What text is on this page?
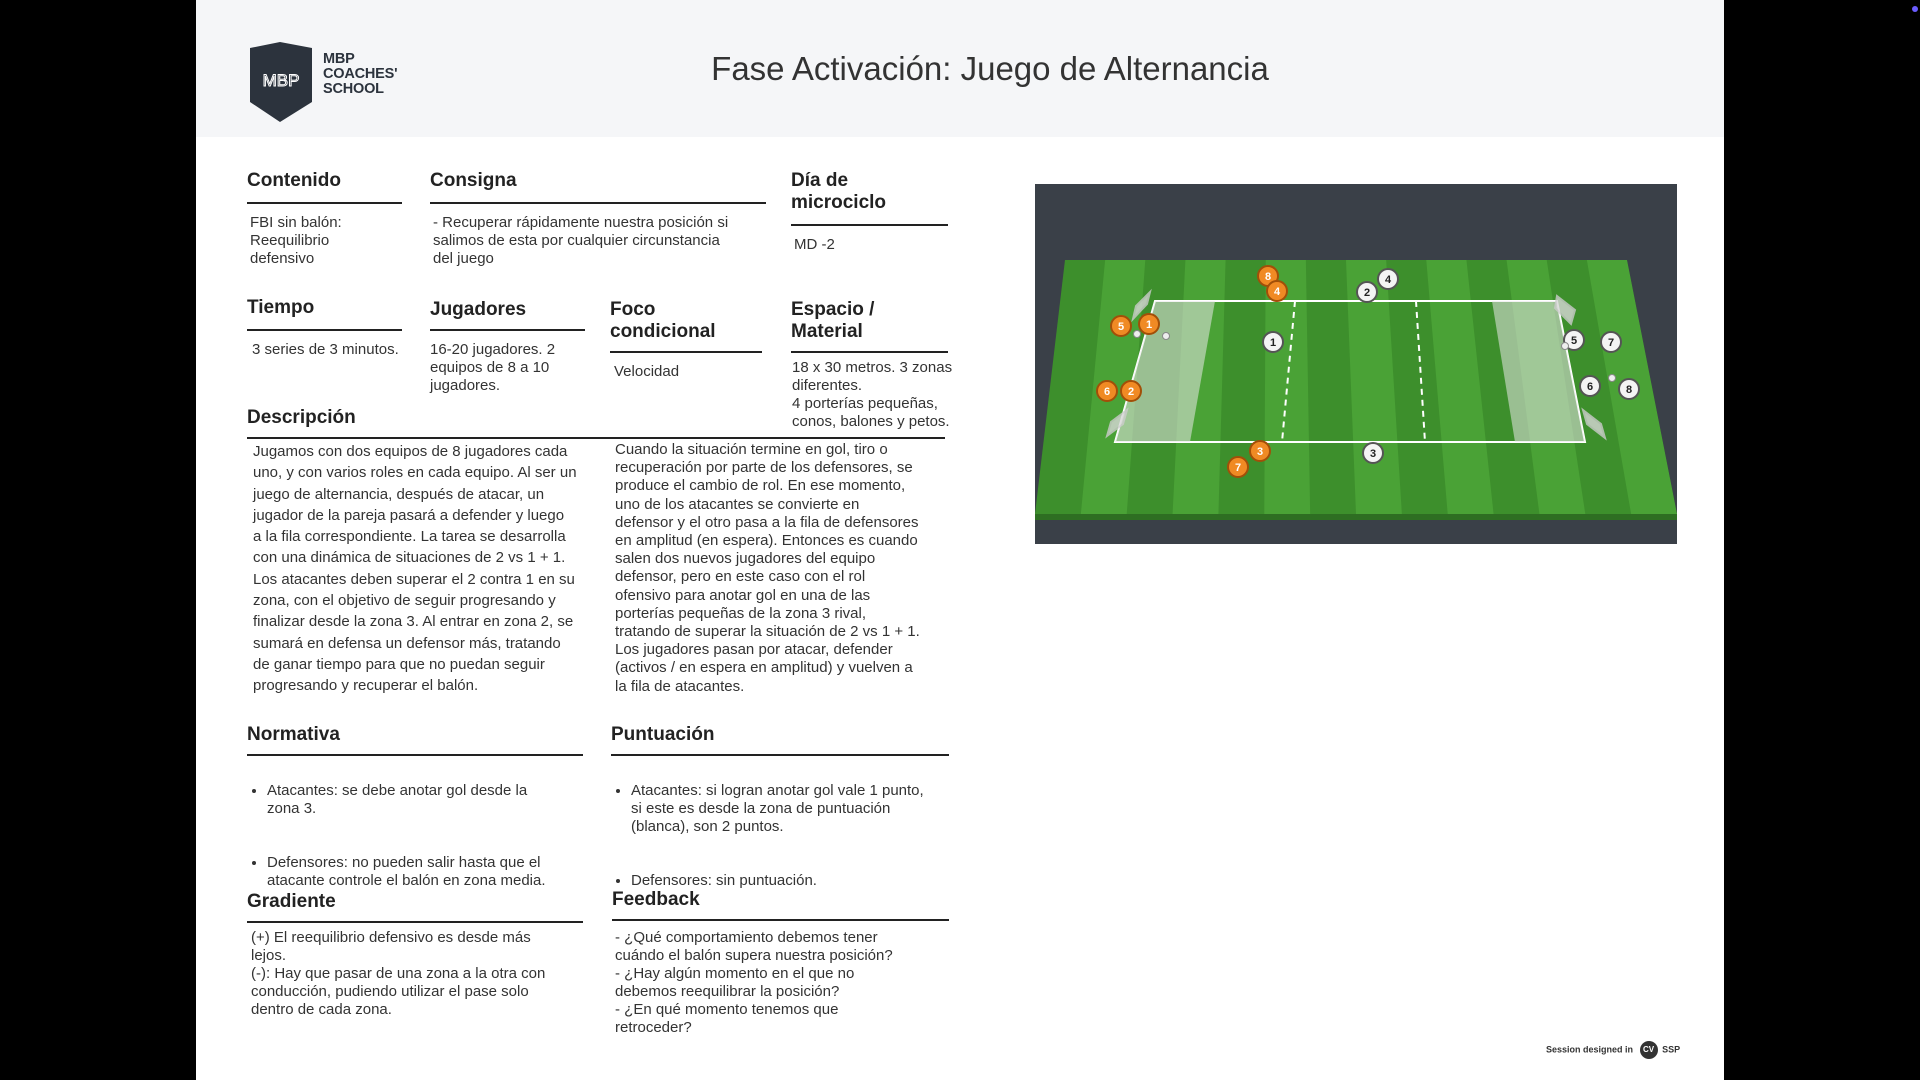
MBP
MBP
COACHES'
SCHOOL
Fase Activación: Juego de Alternancia
Contenido
FBI sin balón:
Reequilibrio
defensivo
Consigna
- Recuperar rápidamente nuestra posición si
salimos de esta por cualquier circunstancia
del juego
Día de microciclo
MD -2
Tiempo
3 series de 3 minutos.
Jugadores
16-20 jugadores. 2
equipos de 8 a 10
jugadores.
Foco condicional
Velocidad
Espacio / Material
18 x 30 metros. 3 zonas
diferentes.
4 porterías pequeñas,
conos, balones y petos.
Descripción
Jugamos con dos equipos de 8 jugadores cada
uno, y con varios roles en cada equipo. Al ser un
juego de alternancia, después de atacar, un
jugador de la pareja pasará a defender y luego
a la fila correspondiente. La tarea se desarrolla
con una dinámica de situaciones de 2 vs 1 + 1.
Los atacantes deben superar el 2 contra 1 en su
zona, con el objetivo de seguir progresando y
finalizar desde la zona 3. Al entrar en zona 2, se
sumará en defensa un defensor más, tratando
de ganar tiempo para que no puedan seguir
progresando y recuperar el balón.
Cuando la situación termine en gol, tiro o
recuperación por parte de los defensores, se
produce el cambio de rol. En ese momento,
uno de los atacantes se convierte en
defensor y el otro pasa a la fila de defensores
en amplitud (en espera). Entonces es cuando
salen dos nuevos jugadores del equipo
defensor, pero en este caso con el rol
ofensivo para anotar gol en una de las
porterías pequeñas de la zona 3 rival,
tratando de superar la situación de 2 vs 1 + 1.
Los jugadores pasan por atacar, defender
(activos / en espera en amplitud) y vuelven a
la fila de atacantes.
Normativa

• Atacantes: se debe anotar gol desde la
zona 3.

• Defensores: no pueden salir hasta que el
atacante controle el balón en zona media.

Puntuación

• Atacantes: si logran anotar gol vale 1 punto,
si este es desde la zona de puntuación
(blanca), son 2 puntos.

• Defensores: sin puntuación.

Gradiente
(+) El reequilibrio defensivo es desde más
lejos.
(-): Hay que pasar de una zona a la otra con
conducción, pudiendo utilizar el pase solo
dentro de cada zona.
Feedback
- ¿Qué comportamiento debemos tener
cuándo el balón supera nuestra posición?
- ¿Hay algún momento en el que no
debemos reequilibrar la posición?
- ¿En qué momento tenemos que
retroceder?
Session designed in CV SSP
8
4
5 1
6 2
3
7
4
2
1	5	7
6	8
3
